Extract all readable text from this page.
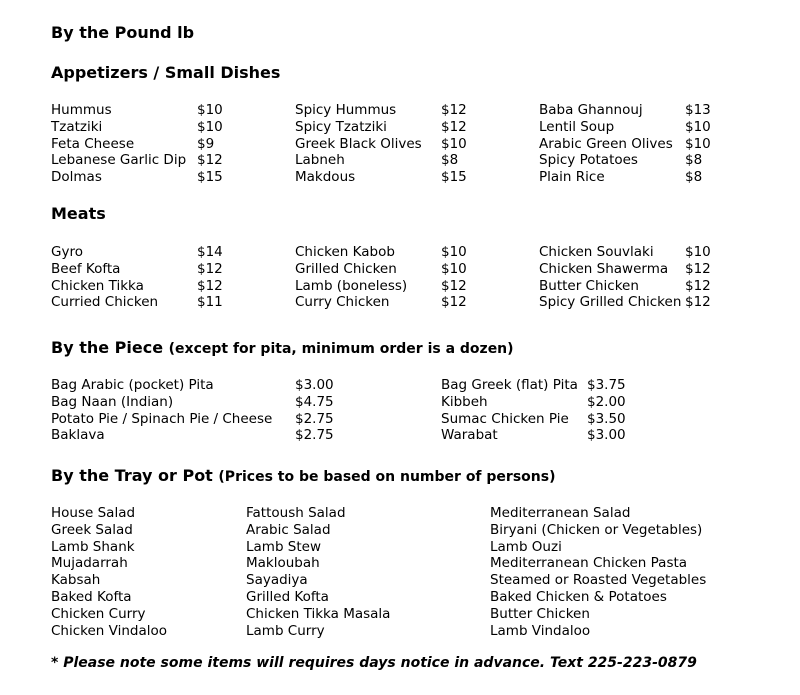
By the Pound lb
Appetizers / Small Dishes
Hummus	$10	Spicy Hummus	$12	Baba Ghannouj	$13
Tzatziki	$10	Spicy Tzatziki	$12	Lentil Soup	$10
Feta Cheese	$9	Greek Black Olives	$10	Arabic Green Olives $10
Lebanese Garlic Dip $12	Labneh	$8	Spicy Potatoes	$8
Dolmas	$15	Makdous	$15	Plain Rice	$8
Meats
Gyro	$14	Chicken Kabob	$10	Chicken Souvlaki	$10
Beef Kofta	$12	Grilled Chicken	$10	Chicken Shawerma	$12
Chicken Tikka	$12	Lamb (boneless)	$12	Butter Chicken	$12
Curried Chicken	$11	Curry Chicken	$12	Spicy Grilled Chicken $12
By the Piece (except for pita, minimum order is a dozen)
Bag Arabic (pocket) Pita	$3.00	Bag Greek (flat) Pita $3.75
Bag Naan (Indian)	$4.75	Kibbeh	$2.00
Potato Pie / Spinach Pie / Cheese	$2.75	Sumac Chicken Pie	$3.50
Baklava	$2.75	Warabat	$3.00
By the Tray or Pot (Prices to be based on number of persons)
House Salad	Fattoush Salad	Mediterranean Salad
Greek Salad	Arabic Salad	Biryani (Chicken or Vegetables)
Lamb Shank	Lamb Stew	Lamb Ouzi
Mujadarrah	Makloubah	Mediterranean Chicken Pasta
Kabsah	Sayadiya	Steamed or Roasted Vegetables
Baked Kofta	Grilled Kofta	Baked Chicken & Potatoes
Chicken Curry	Chicken Tikka Masala	Butter Chicken
Chicken Vindaloo	Lamb Curry	Lamb Vindaloo
* Please note some items will requires days notice in advance. Text 225-223-0879
